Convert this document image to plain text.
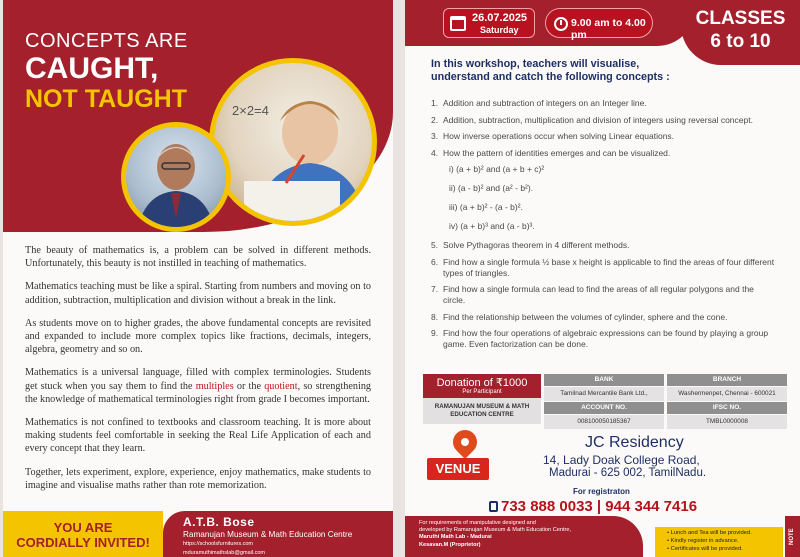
CONCEPTS ARE
CAUGHT,
NOT TAUGHT	2×2=4

The beauty of mathematics is, a problem can be solved in different methods. Unfortunately, this beauty is not instilled in teaching of mathematics.

Mathematics teaching must be like a spiral. Starting from numbers and moving on to addition, subtraction, multiplication and division without a break in the link.

As students move on to higher grades, the above fundamental concepts are revisited and expanded to include more complex topics like fractions, decimals, integers, algebra, geometry and so on.

Mathematics is a universal language, filled with complex terminologies. Students get stuck when you say them to find the multiples or the quotient, so strengthening the knowledge of mathematical terminologies right from grade I becomes important.

Mathematics is not confined to textbooks and classroom teaching. It is more about making students feel comfortable in seeking the Real Life Application of each and every concept that they learn.

Together, lets experiment, explore, experience, enjoy mathematics, make students to imagine and visualise maths rather than rote memorization.

YOU ARE
CORDIALLY INVITED!
A.T.B. Bose
Ramanujan Museum & Math Education Centre
https://schoolsfurnitures.com
mduramuthimathslab@gmail.com
26.07.2025
Saturday
9.00 am to 4.00 pm
CLASSES
6 to 10
In this workshop, teachers will visualise, understand and catch the following concepts :
1. Addition and subtraction of integers on an Integer line.
2. Addition, subtraction, multiplication and division of integers using reversal concept.
3. How inverse operations occur when solving Linear equations.
4. How the pattern of identities emerges and can be visualized.
i) (a + b)² and (a + b + c)²
ii) (a - b)² and (a² - b²).
iii) (a + b)² - (a - b)².
iv) (a + b)³ and (a - b)³.
5. Solve Pythagoras theorem in 4 different methods.
6. Find how a single formula ½ base x height is applicable to find the areas of four different types of triangles.
7. Find how a single formula can lead to find the areas of all regular polygons and the circle.
8. Find the relationship between the volumes of cylinder, sphere and the cone.
9. Find how the four operations of algebraic expressions can be found by playing a group game. Even factorization can be done.
Donation of ₹1000
Per Participant
RAMANUJAN MUSEUM & MATH
EDUCATION CENTRE
BANK	BRANCH
Tamilnad Mercantile Bank Ltd.,	Washermenpet, Chennai - 600021
ACCOUNT NO.	IFSC NO.
008100050185367	TMBL0000008
VENUE
JC Residency
14, Lady Doak College Road,
Madurai - 625 002, TamilNadu.
For registraton
733 888 0033 | 944 344 7416
For requirements of manipulative designed and
developed by Ramanujan Museum & Math Education Centre,
Maruthi Math Lab - Madurai
Kesavan.M (Proprietor)
• Lunch and Tea will be provided.
• Kindly register in advance.
• Certificates will be provided.
NOTE
